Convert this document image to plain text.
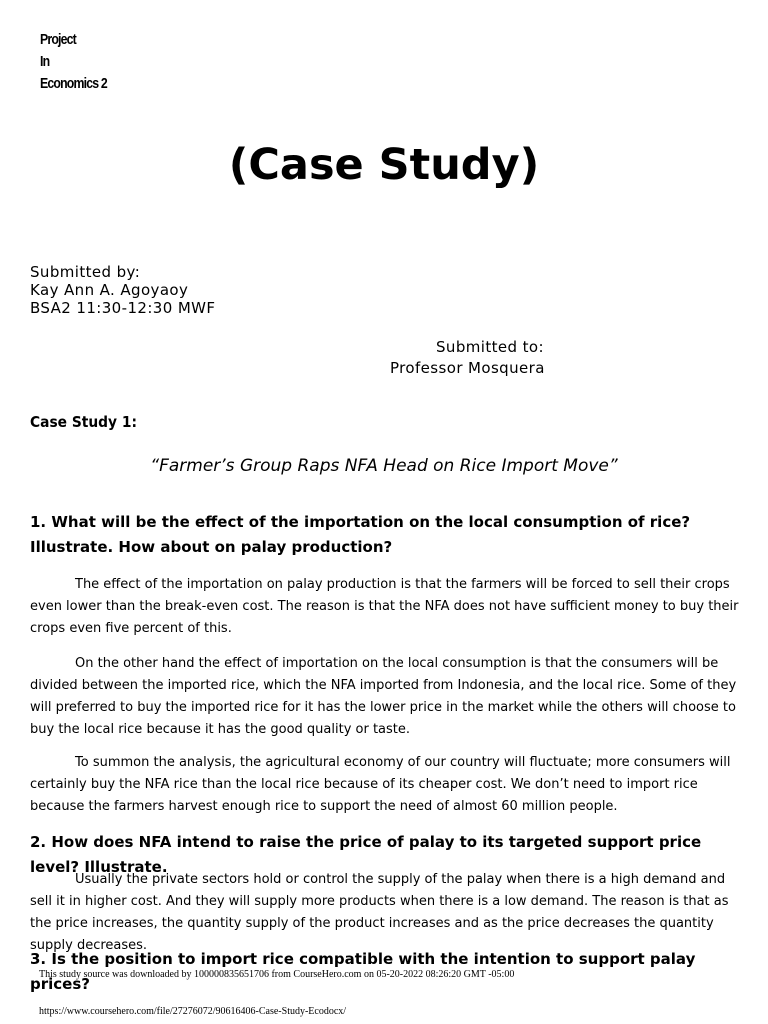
Project
In
Economics 2
(Case Study)
Submitted by:
Kay Ann A. Agoyaoy
BSA2 11:30-12:30 MWF
Submitted to:
Professor Mosquera
Case Study 1:
“Farmer’s Group Raps NFA Head on Rice Import Move”
1. What will be the effect of the importation on the local consumption of rice? Illustrate. How about on palay production?
The effect of the importation on palay production is that the farmers will be forced to sell their crops even lower than the break-even cost. The reason is that the NFA does not have sufficient money to buy their crops even five percent of this.
On the other hand the effect of importation on the local consumption is that the consumers will be divided between the imported rice, which the NFA imported from Indonesia, and the local rice. Some of they will preferred to buy the imported rice for it has the lower price in the market while the others will choose to buy the local rice because it has the good quality or taste.
To summon the analysis, the agricultural economy of our country will fluctuate; more consumers will certainly buy the NFA rice than the local rice because of its cheaper cost. We don’t need to import rice because the farmers harvest enough rice to support the need of almost 60 million people.
2. How does NFA intend to raise the price of palay to its targeted support price level? Illustrate.
Usually the private sectors hold or control the supply of the palay when there is a high demand and sell it in higher cost. And they will supply more products when there is a low demand. The reason is that as the price increases, the quantity supply of the product increases and as the price decreases the quantity supply decreases.
3. Is the position to import rice compatible with the intention to support palay prices?
This study source was downloaded by 100000835651706 from CourseHero.com on 05-20-2022 08:26:20 GMT -05:00
https://www.coursehero.com/file/27276072/90616406-Case-Study-Ecodocx/
